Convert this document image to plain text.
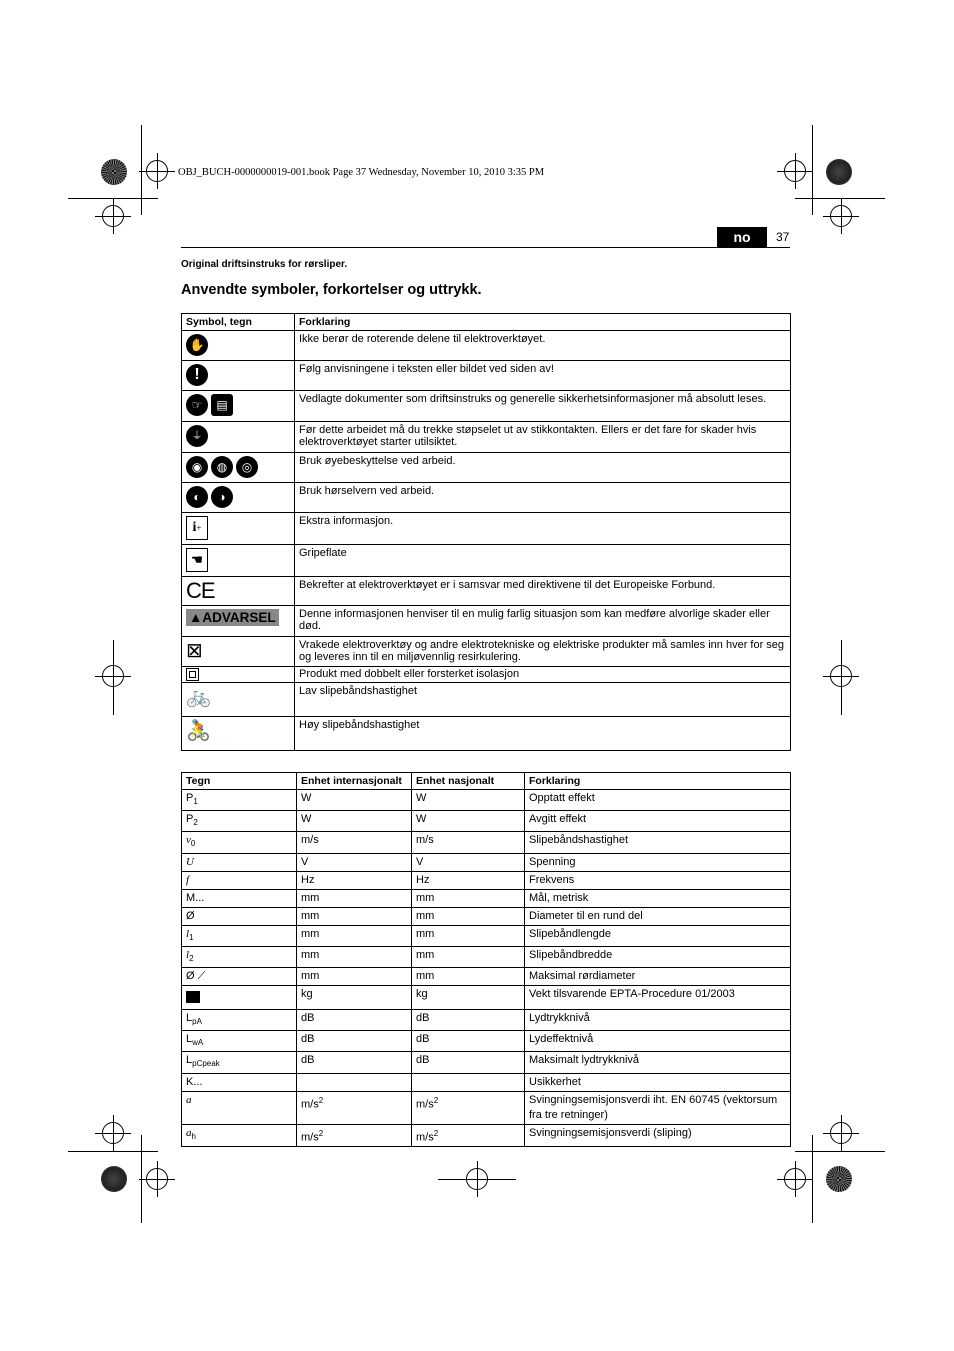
OBJ_BUCH-0000000019-001.book Page 37 Wednesday, November 10, 2010 3:35 PM
no	37
Original driftsinstruks for rørsliper.
Anvendte symboler, forkortelser og uttrykk.
Symbol, tegn	Forklaring
✋	Ikke berør de roterende delene til elektroverktøyet.
!	Følg anvisningene i teksten eller bildet ved siden av!
☞ ▤	Vedlagte dokumenter som driftsinstruks og generelle sikkerhetsinformasjoner må absolutt leses.
⏚	Før dette arbeidet må du trekke støpselet ut av stikkontakten. Ellers er det fare for skader hvis elektroverktøyet starter utilsiktet.
◉ ◍ ◎	Bruk øyebeskyttelse ved arbeid.
◐ ◑	Bruk hørselvern ved arbeid.
i+	Ekstra informasjon.
☚	Gripeflate
CE	Bekrefter at elektroverktøyet er i samsvar med direktivene til det Europeiske Forbund.
▲ADVARSEL	Denne informasjonen henviser til en mulig farlig situasjon som kan medføre alvorlige skader eller død.
⊠	Vrakede elektroverktøy og andre elektrotekniske og elektriske produkter må samles inn hver for seg og leveres inn til en miljøvennlig resirkulering.
	Produkt med dobbelt eller forsterket isolasjon
🚲	Lav slipebåndshastighet
🚴	Høy slipebåndshastighet
Tegn	Enhet internasjonalt	Enhet nasjonalt	Forklaring
$P_1$	W	W	Opptatt effekt
$P_2$	W	W	Avgitt effekt
$v_0$	m/s	m/s	Slipebåndshastighet
U	V	V	Spenning
f	Hz	Hz	Frekvens
M...	mm	mm	Mål, metrisk
Ø	mm	mm	Diameter til en rund del
$l_1$	mm	mm	Slipebåndlengde
$l_2$	mm	mm	Slipebåndbredde
Ø ⟋	mm	mm	Maksimal rørdiameter
	kg	kg	Vekt tilsvarende EPTA-Procedure 01/2003
$L_{pA}$	dB	dB	Lydtrykknivå
$L_{wA}$	dB	dB	Lydeffektnivå
$L_{pCpeak}$	dB	dB	Maksimalt lydtrykknivå
K...			Usikkerhet
a	$m/s^2$	$m/s^2$	Svingningsemisjonsverdi iht. EN 60745 (vektorsum fra tre retninger)
$a_h$	$m/s^2$	$m/s^2$	Svingningsemisjonsverdi (sliping)
